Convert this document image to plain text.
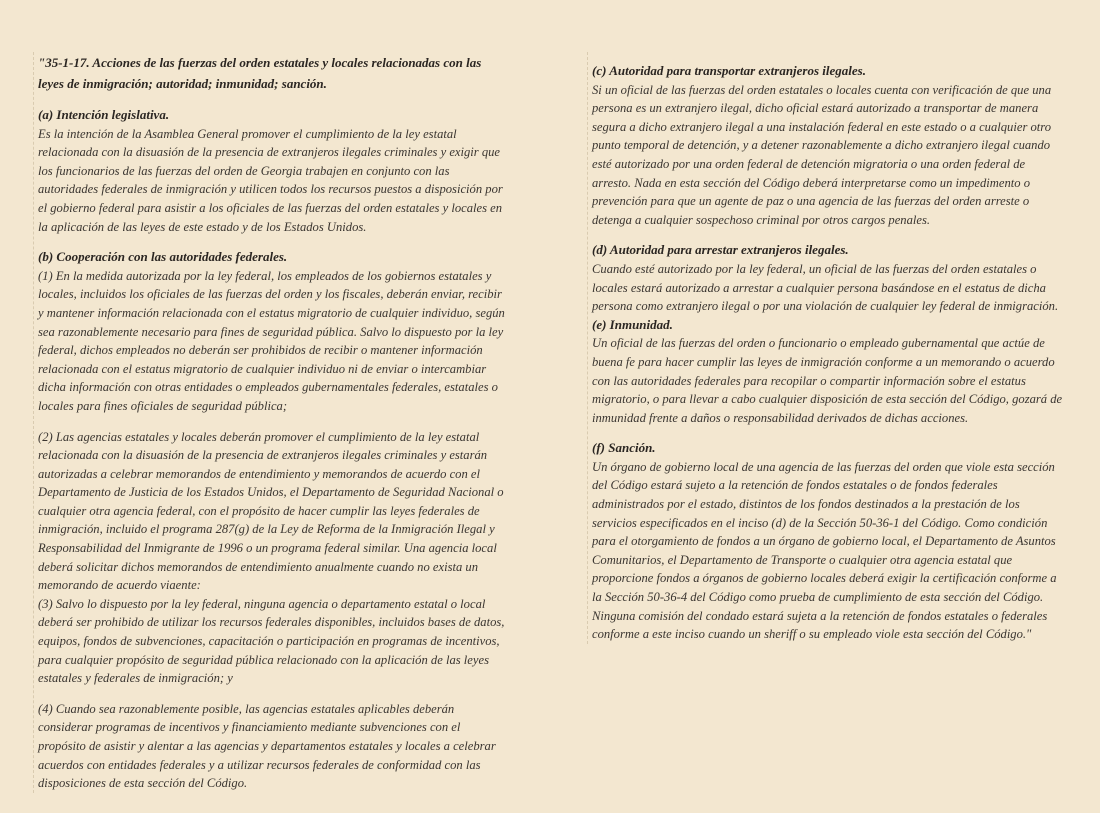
"35-1-17. Acciones de las fuerzas del orden estatales y locales relacionadas con las leyes de inmigración; autoridad; inmunidad; sanción.

(a) Intención legislativa.

Es la intención de la Asamblea General promover el cumplimiento de la ley estatal relacionada con la disuasión de la presencia de extranjeros ilegales criminales y exigir que los funcionarios de las fuerzas del orden de Georgia trabajen en conjunto con las autoridades federales de inmigración y utilicen todos los recursos puestos a disposición por el gobierno federal para asistir a los oficiales de las fuerzas del orden estatales y locales en la aplicación de las leyes de este estado y de los Estados Unidos.

(b) Cooperación con las autoridades federales.

(1) En la medida autorizada por la ley federal, los empleados de los gobiernos estatales y locales, incluidos los oficiales de las fuerzas del orden y los fiscales, deberán enviar, recibir y mantener información relacionada con el estatus migratorio de cualquier individuo, según sea razonablemente necesario para fines de seguridad pública. Salvo lo dispuesto por la ley federal, dichos empleados no deberán ser prohibidos de recibir o mantener información relacionada con el estatus migratorio de cualquier individuo ni de enviar o intercambiar dicha información con otras entidades o empleados gubernamentales federales, estatales o locales para fines oficiales de seguridad pública;

(2) Las agencias estatales y locales deberán promover el cumplimiento de la ley estatal relacionada con la disuasión de la presencia de extranjeros ilegales criminales y estarán autorizadas a celebrar memorandos de entendimiento y memorandos de acuerdo con el Departamento de Justicia de los Estados Unidos, el Departamento de Seguridad Nacional o cualquier otra agencia federal, con el propósito de hacer cumplir las leyes federales de inmigración, incluido el programa 287(g) de la Ley de Reforma de la Inmigración Ilegal y Responsabilidad del Inmigrante de 1996 o un programa federal similar. Una agencia local deberá solicitar dichos memorandos de entendimiento anualmente cuando no exista un memorando de acuerdo viaente:

(3) Salvo lo dispuesto por la ley federal, ninguna agencia o departamento estatal o local deberá ser prohibido de utilizar los recursos federales disponibles, incluidos bases de datos, equipos, fondos de subvenciones, capacitación o participación en programas de incentivos, para cualquier propósito de seguridad pública relacionado con la aplicación de las leyes estatales y federales de inmigración; y

(4) Cuando sea razonablemente posible, las agencias estatales aplicables deberán considerar programas de incentivos y financiamiento mediante subvenciones con el propósito de asistir y alentar a las agencias y departamentos estatales y locales a celebrar acuerdos con entidades federales y a utilizar recursos federales de conformidad con las disposiciones de esta sección del Código.

(c) Autoridad para transportar extranjeros ilegales.

Si un oficial de las fuerzas del orden estatales o locales cuenta con verificación de que una persona es un extranjero ilegal, dicho oficial estará autorizado a transportar de manera segura a dicho extranjero ilegal a una instalación federal en este estado o a cualquier otro punto temporal de detención, y a detener razonablemente a dicho extranjero ilegal cuando esté autorizado por una orden federal de detención migratoria o una orden federal de arresto. Nada en esta sección del Código deberá interpretarse como un impedimento o prevención para que un agente de paz o una agencia de las fuerzas del orden arreste o detenga a cualquier sospechoso criminal por otros cargos penales.

(d) Autoridad para arrestar extranjeros ilegales.

Cuando esté autorizado por la ley federal, un oficial de las fuerzas del orden estatales o locales estará autorizado a arrestar a cualquier persona basándose en el estatus de dicha persona como extranjero ilegal o por una violación de cualquier ley federal de inmigración.

(e) Inmunidad.

Un oficial de las fuerzas del orden o funcionario o empleado gubernamental que actúe de buena fe para hacer cumplir las leyes de inmigración conforme a un memorando o acuerdo con las autoridades federales para recopilar o compartir información sobre el estatus migratorio, o para llevar a cabo cualquier disposición de esta sección del Código, gozará de inmunidad frente a daños o responsabilidad derivados de dichas acciones.

(f) Sanción.

Un órgano de gobierno local de una agencia de las fuerzas del orden que viole esta sección del Código estará sujeto a la retención de fondos estatales o de fondos federales administrados por el estado, distintos de los fondos destinados a la prestación de los servicios especificados en el inciso (d) de la Sección 50-36-1 del Código. Como condición para el otorgamiento de fondos a un órgano de gobierno local, el Departamento de Asuntos Comunitarios, el Departamento de Transporte o cualquier otra agencia estatal que proporcione fondos a órganos de gobierno locales deberá exigir la certificación conforme a la Sección 50-36-4 del Código como prueba de cumplimiento de esta sección del Código. Ninguna comisión del condado estará sujeta a la retención de fondos estatales o federales conforme a este inciso cuando un sheriff o su empleado viole esta sección del Código."
